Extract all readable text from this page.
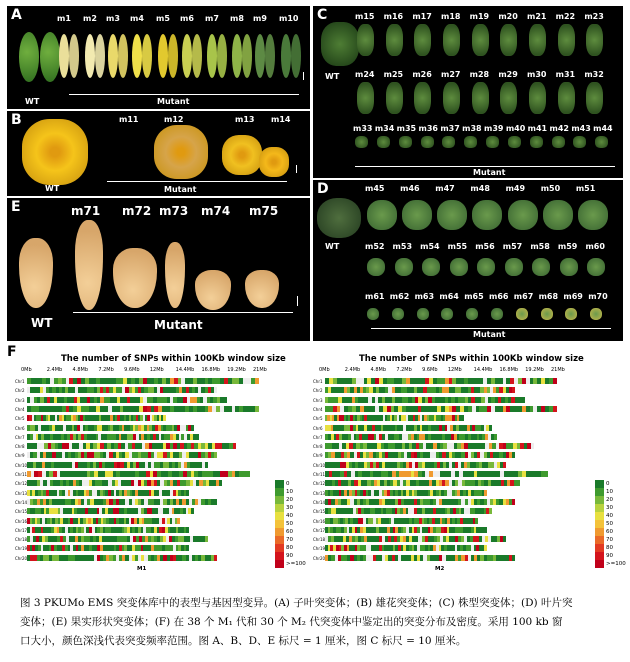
A	m1 m2 m3 m4 m5 m6 m7 m8 m9 m10
WT	Mutant
B	m11	m12	m13 m14
WT	Mutant
E	m71 m72 m73 m74 m75
WT	Mutant
C	m15 m16 m17 m18 m19 m20 m21 m22 m23
m24 m25 m26 m27 m28 m29 m30 m31 m32
m33 m34 m35 m36 m37 m38 m39 m40 m41 m42 m43 m44
WT
Mutant
D	m45 m46 m47 m48 m49 m50 m51
m52 m53 m54 m55 m56 m57 m58 m59 m60
m61 m62 m63 m64 m65 m66 m67 m68 m69 m70
WT
Mutant
F	The number of SNPs within 100Kb window size
0Mb	2.4Mb 4.8Mb 7.2Mb 9.6Mb 12Mb 14.4Mb 16.8Mb 19.2Mb 21Mb
Chr1
Chr2
Chr3
Chr4
Chr5
Chr6
Chr7
Chr8
Chr9
Chr10
Chr11
Chr12
Chr13
Chr14
Chr15
Chr16
Chr17
Chr18
Chr19
Chr20
M1
0
10
20
30
40
50
60
70
80
90
>=100
The number of SNPs within 100Kb window size
0Mb	2.4Mb 4.8Mb 7.2Mb 9.6Mb 12Mb 14.4Mb 16.8Mb 19.2Mb 21Mb
Chr1
Chr2
Chr3
Chr4
Chr5
Chr6
Chr7
Chr8
Chr9
Chr10
Chr11
Chr12
Chr13
Chr14
Chr15
Chr16
Chr17
Chr18
Chr19
Chr20
M2
0
10
20
30
40
50
60
70
80
90
>=100
图 3 PKUMo EMS 突变体库中的表型与基因型变异。(A) 子叶突变体；(B) 雄花突变体；(C) 株型突变体；(D) 叶片突
变体；(E) 果实形状突变体；(F) 在 38 个 M₁ 代和 30 个 M₂ 代突变体中鉴定出的突变分布及密度。采用 100 kb 窗
口大小，颜色深浅代表突变频率范围。图 A、B、D、E 标尺 = 1 厘米，图 C 标尺 = 10 厘米。
